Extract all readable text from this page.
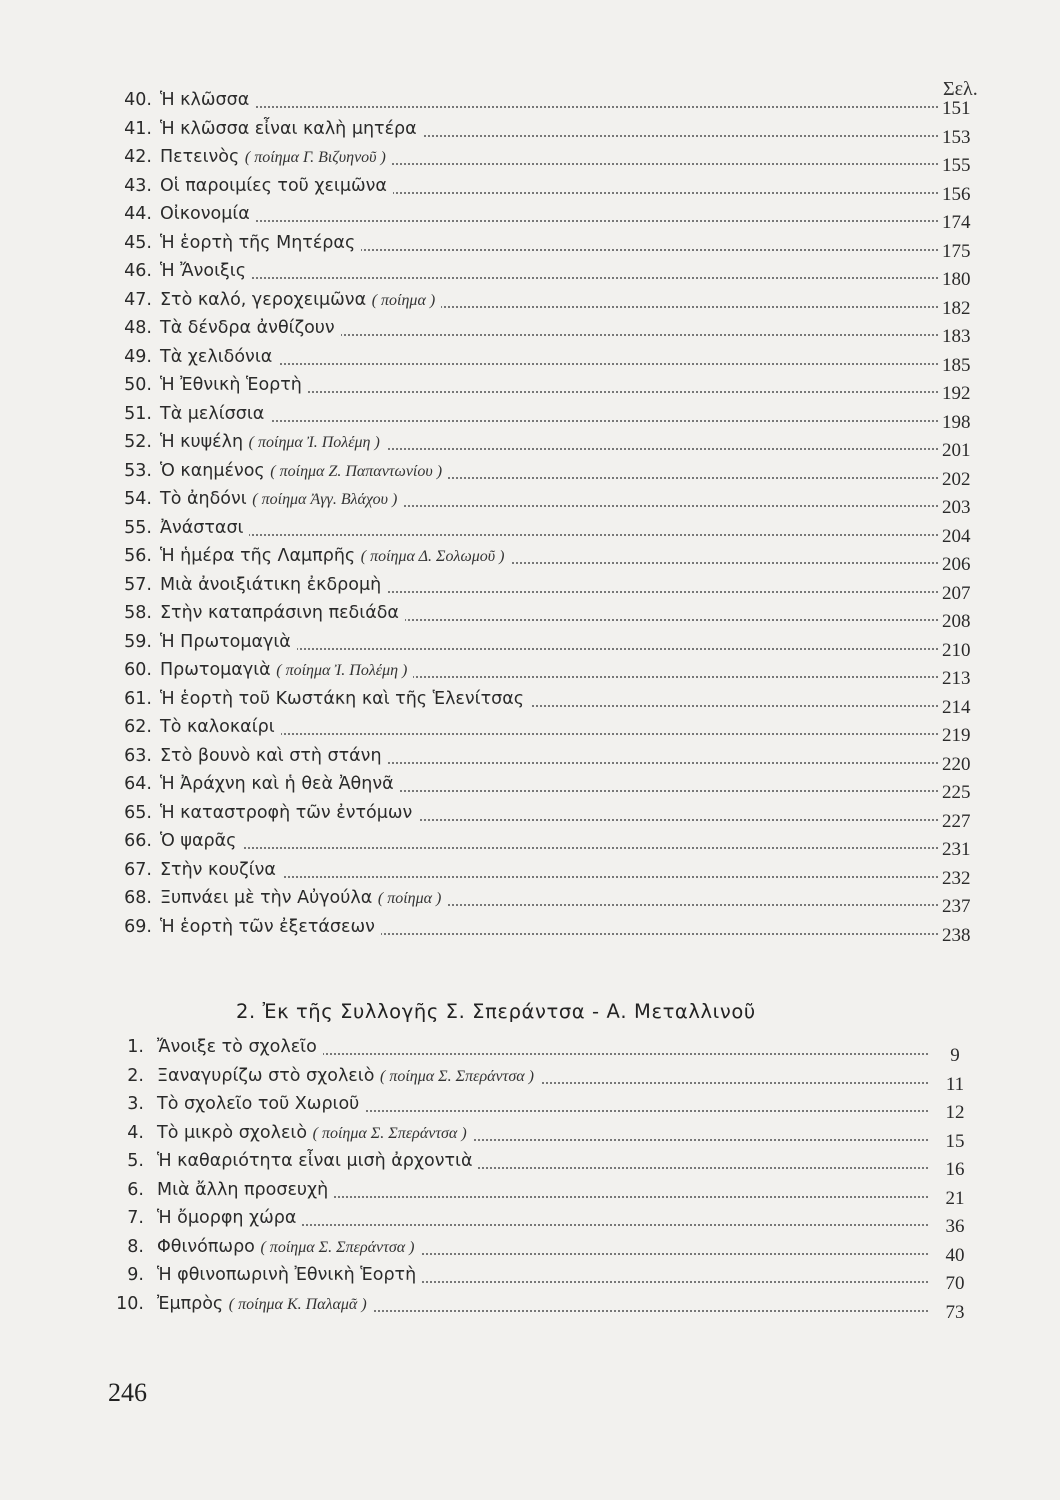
Σελ.
40. Ἡ κλῶσσα	151
41. Ἡ κλῶσσα εἶναι καλὴ μητέρα	153
42. Πετεινὸς ( ποίημα Γ. Βιζυηνοῦ )	155
43. Οἱ παροιμίες τοῦ χειμῶνα	156
44. Οἰκονομία	174
45. Ἡ ἑορτὴ τῆς Μητέρας	175
46. Ἡ Ἄνοιξις	180
47. Στὸ καλό, γεροχειμῶνα ( ποίημα )	182
48. Τὰ δένδρα ἀνθίζουν	183
49. Τὰ χελιδόνια	185
50. Ἡ Ἐθνικὴ Ἑορτὴ	192
51. Τὰ μελίσσια	198
52. Ἡ κυψέλη ( ποίημα Ἰ. Πολέμη )	201
53. Ὁ καημένος ( ποίημα Ζ. Παπαντωνίου )	202
54. Τὸ ἀηδόνι ( ποίημα Ἀγγ. Βλάχου )	203
55. Ἀνάστασι	204
56. Ἡ ἡμέρα τῆς Λαμπρῆς ( ποίημα Δ. Σολωμοῦ )	206
57. Μιὰ ἀνοιξιάτικη ἐκδρομὴ	207
58. Στὴν καταπράσινη πεδιάδα	208
59. Ἡ Πρωτομαγιὰ	210
60. Πρωτομαγιὰ ( ποίημα Ἰ. Πολέμη )	213
61. Ἡ ἑορτὴ τοῦ Κωστάκη καὶ τῆς Ἑλενίτσας	214
62. Τὸ καλοκαίρι	219
63. Στὸ βουνὸ καὶ στὴ στάνη	220
64. Ἡ Ἀράχνη καὶ ἡ θεὰ Ἀθηνᾶ	225
65. Ἡ καταστροφὴ τῶν ἐντόμων	227
66. Ὁ ψαρᾶς	231
67. Στὴν κουζίνα	232
68. Ξυπνάει μὲ τὴν Αὐγούλα ( ποίημα )	237
69. Ἡ ἑορτὴ τῶν ἐξετάσεων	238
2. Ἐκ τῆς Συλλογῆς Σ. Σπεράντσα - Α. Μεταλλινοῦ
1. Ἄνοιξε τὸ σχολεῖο	9
2. Ξαναγυρίζω στὸ σχολειὸ ( ποίημα Σ. Σπεράντσα )	11
3. Τὸ σχολεῖο τοῦ Χωριοῦ	12
4. Τὸ μικρὸ σχολειὸ ( ποίημα Σ. Σπεράντσα )	15
5. Ἡ καθαριότητα εἶναι μισὴ ἀρχοντιὰ	16
6. Μιὰ ἄλλη προσευχὴ	21
7. Ἡ ὄμορφη χώρα	36
8. Φθινόπωρο ( ποίημα Σ. Σπεράντσα )	40
9. Ἡ φθινοπωρινὴ Ἐθνικὴ Ἑορτὴ	70
10. Ἐμπρὸς ( ποίημα Κ. Παλαμᾶ )	73
246
